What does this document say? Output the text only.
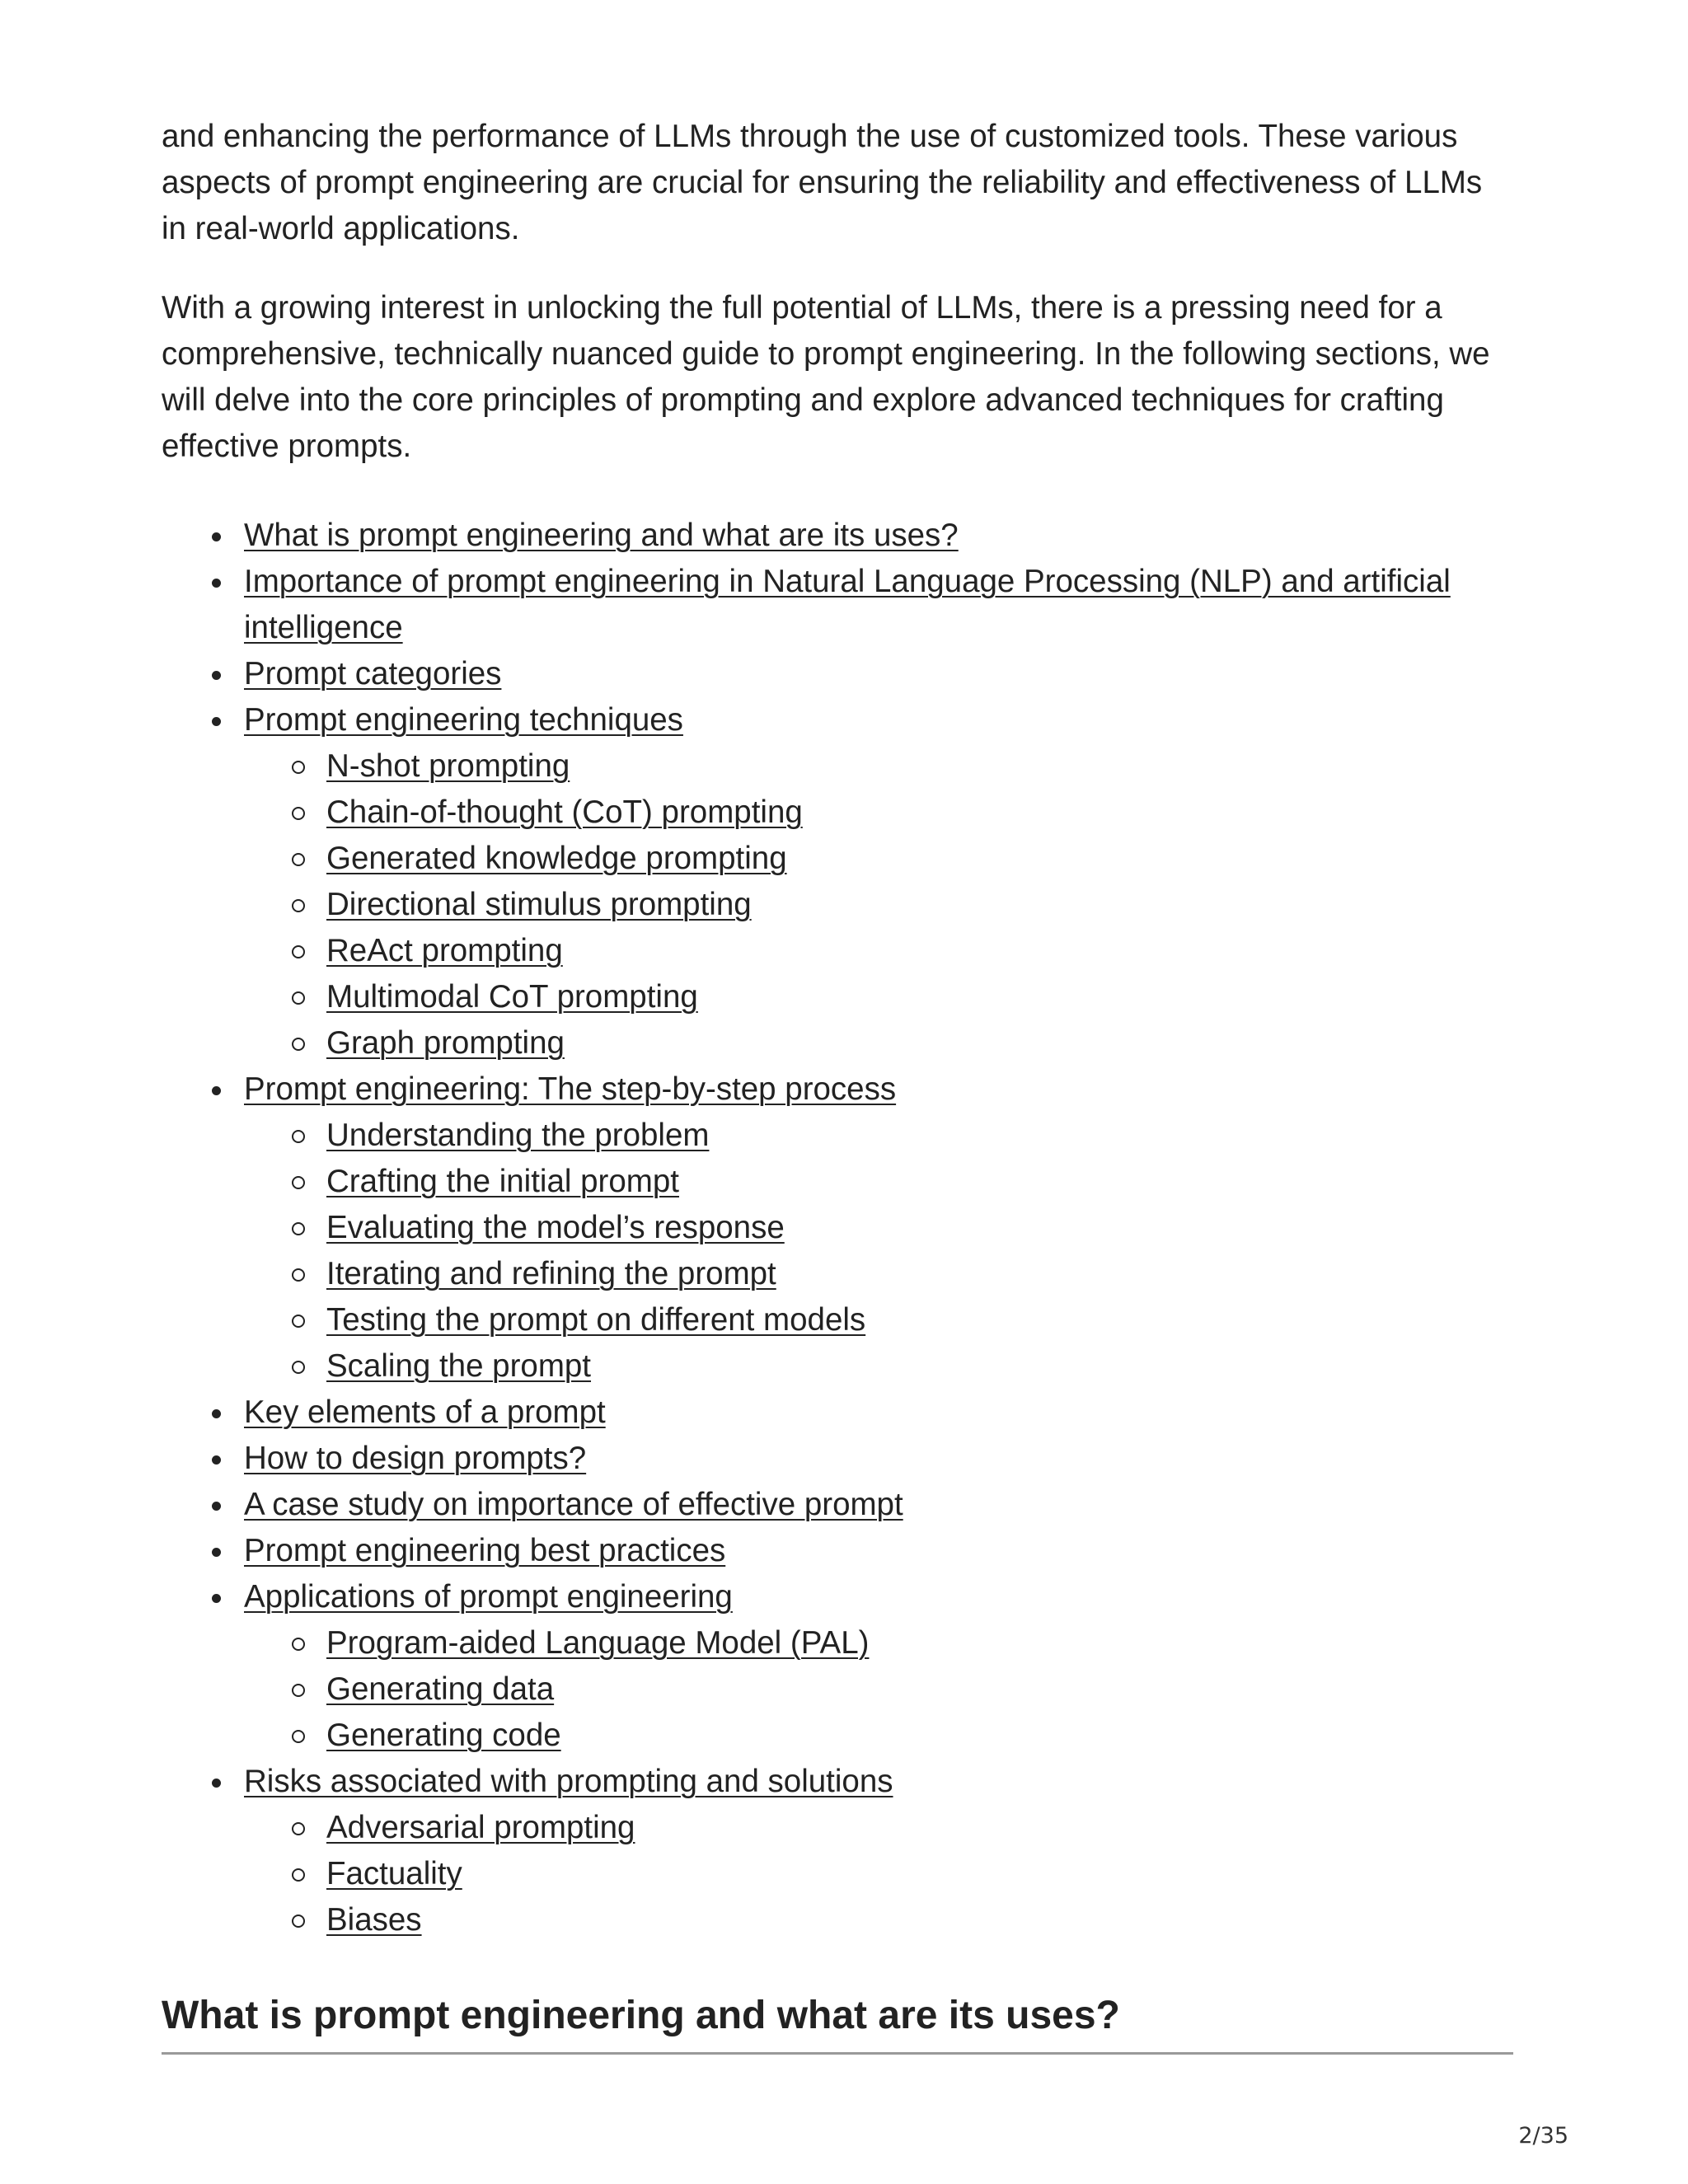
and enhancing the performance of LLMs through the use of customized tools. These various aspects of prompt engineering are crucial for ensuring the reliability and effectiveness of LLMs in real-world applications.

With a growing interest in unlocking the full potential of LLMs, there is a pressing need for a comprehensive, technically nuanced guide to prompt engineering. In the following sections, we will delve into the core principles of prompting and explore advanced techniques for crafting effective prompts.

What is prompt engineering and what are its uses?
Importance of prompt engineering in Natural Language Processing (NLP) and artificial intelligence
Prompt categories
Prompt engineering techniques
N-shot prompting
Chain-of-thought (CoT) prompting
Generated knowledge prompting
Directional stimulus prompting
ReAct prompting
Multimodal CoT prompting
Graph prompting
Prompt engineering: The step-by-step process
Understanding the problem
Crafting the initial prompt
Evaluating the model’s response
Iterating and refining the prompt
Testing the prompt on different models
Scaling the prompt
Key elements of a prompt
How to design prompts?
A case study on importance of effective prompt
Prompt engineering best practices
Applications of prompt engineering
Program-aided Language Model (PAL)
Generating data
Generating code
Risks associated with prompting and solutions
Adversarial prompting
Factuality
Biases
What is prompt engineering and what are its uses?
2/35
